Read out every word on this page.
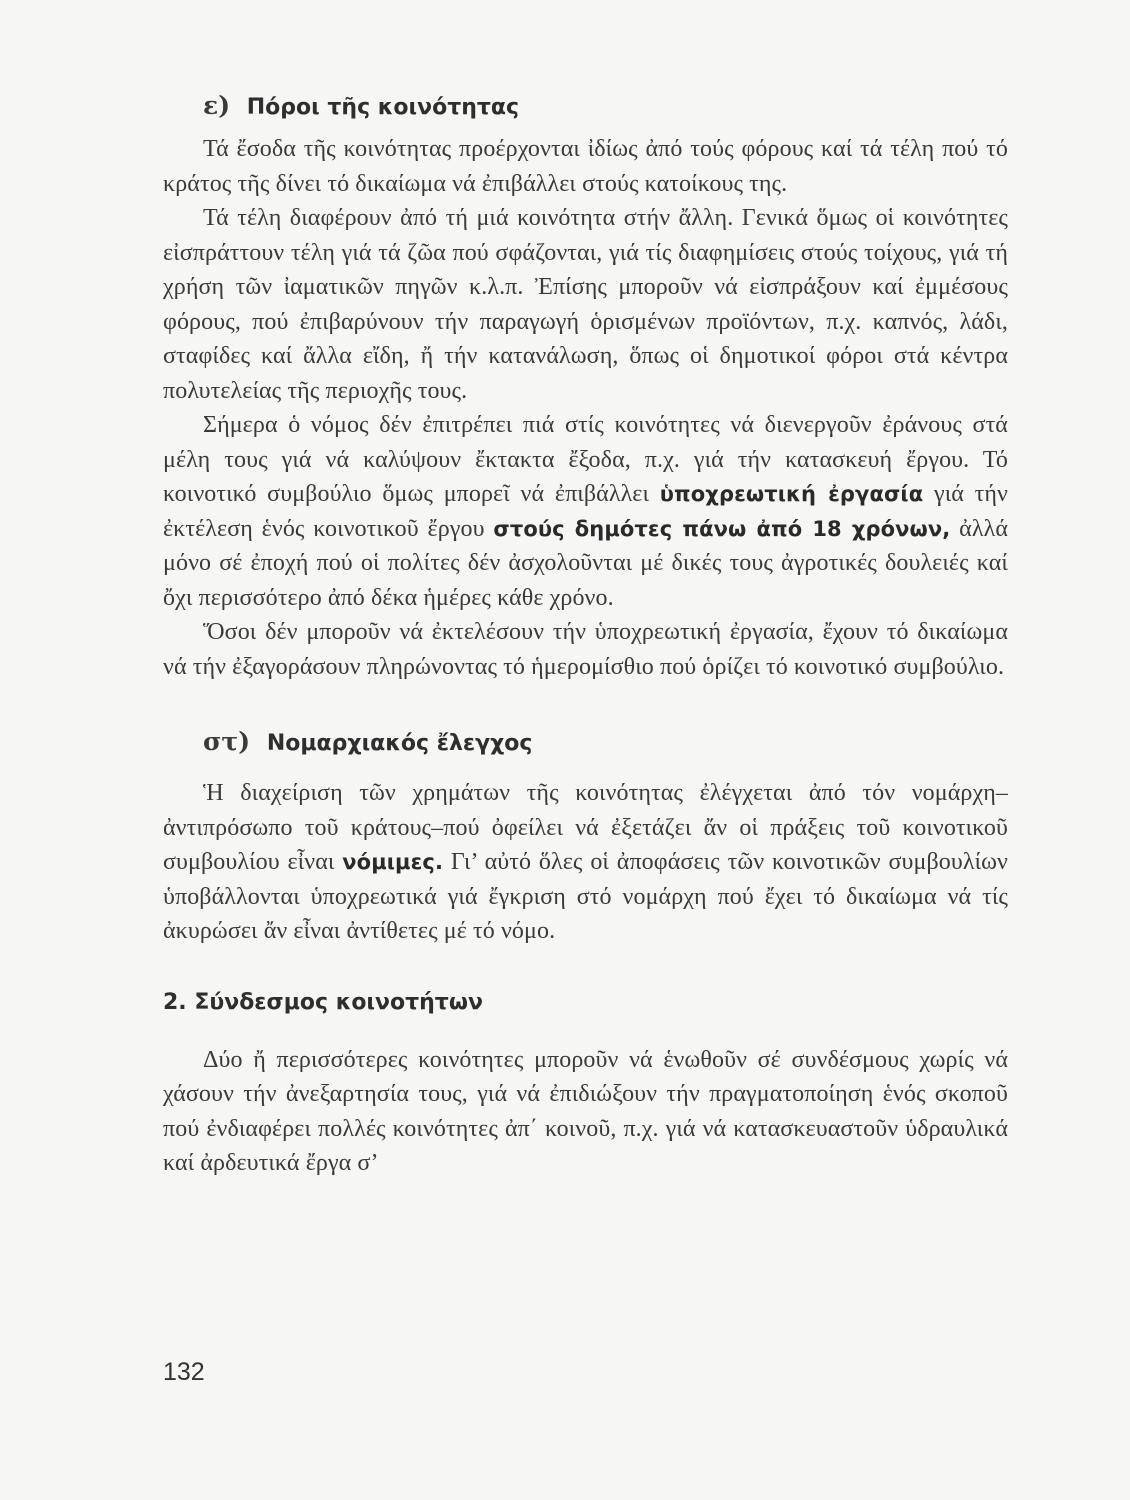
ε) Πόροι τῆς κοινότητας

Τά ἔσοδα τῆς κοινότητας προέρχονται ἰδίως ἀπό τούς φόρους καί τά τέλη πού τό κράτος τῆς δίνει τό δικαίωμα νά ἐπιβάλλει στούς κατοίκους της.

Τά τέλη διαφέρουν ἀπό τή μιά κοινότητα στήν ἄλλη. Γενικά ὅμως οἱ κοινότητες εἰσπράττουν τέλη γιά τά ζῶα πού σφάζονται, γιά τίς διαφημίσεις στούς τοίχους, γιά τή χρήση τῶν ἰαματικῶν πηγῶν κ.λ.π. Ἐπίσης μποροῦν νά εἰσπράξουν καί ἐμμέσους φόρους, πού ἐπιβαρύνουν τήν παραγωγή ὁρισμένων προϊόντων, π.χ. καπνός, λάδι, σταφίδες καί ἄλλα εἴδη, ἤ τήν κατανάλωση, ὅπως οἱ δημοτικοί φόροι στά κέντρα πολυτελείας τῆς περιοχῆς τους.

Σήμερα ὁ νόμος δέν ἐπιτρέπει πιά στίς κοινότητες νά διενεργοῦν ἐράνους στά μέλη τους γιά νά καλύψουν ἔκτακτα ἔξοδα, π.χ. γιά τήν κατασκευή ἔργου. Τό κοινοτικό συμβούλιο ὅμως μπορεῖ νά ἐπιβάλλει ὑποχρεωτική ἐργασία γιά τήν ἐκτέλεση ἑνός κοινοτικοῦ ἔργου στούς δημότες πάνω ἀπό 18 χρόνων, ἀλλά μόνο σέ ἐποχή πού οἱ πολίτες δέν ἀσχολοῦνται μέ δικές τους ἀγροτικές δουλειές καί ὄχι περισσότερο ἀπό δέκα ἡμέρες κάθε χρόνο.

Ὅσοι δέν μποροῦν νά ἐκτελέσουν τήν ὑποχρεωτική ἐργασία, ἔχουν τό δικαίωμα νά τήν ἐξαγοράσουν πληρώνοντας τό ἡμερομίσθιο πού ὁρίζει τό κοινοτικό συμβούλιο.

στ) Νομαρχιακός ἔλεγχος

Ἡ διαχείριση τῶν χρημάτων τῆς κοινότητας ἐλέγχεται ἀπό τόν νομάρχη–ἀντιπρόσωπο τοῦ κράτους–πού ὀφείλει νά ἐξετάζει ἄν οἱ πράξεις τοῦ κοινοτικοῦ συμβουλίου εἶναι νόμιμες. Γι’ αὐτό ὅλες οἱ ἀποφάσεις τῶν κοινοτικῶν συμβουλίων ὑποβάλλονται ὑποχρεωτικά γιά ἔγκριση στό νομάρχη πού ἔχει τό δικαίωμα νά τίς ἀκυρώσει ἄν εἶναι ἀντίθετες μέ τό νόμο.

2. Σύνδεσμος κοινοτήτων

Δύο ἤ περισσότερες κοινότητες μποροῦν νά ἑνωθοῦν σέ συνδέσμους χωρίς νά χάσουν τήν ἀνεξαρτησία τους, γιά νά ἐπιδιώξουν τήν πραγματοποίηση ἑνός σκοποῦ πού ἐνδιαφέρει πολλές κοινότητες ἀπ΄ κοινοῦ, π.χ. γιά νά κατασκευαστοῦν ὑδραυλικά καί ἀρδευτικά ἔργα σ’

132
